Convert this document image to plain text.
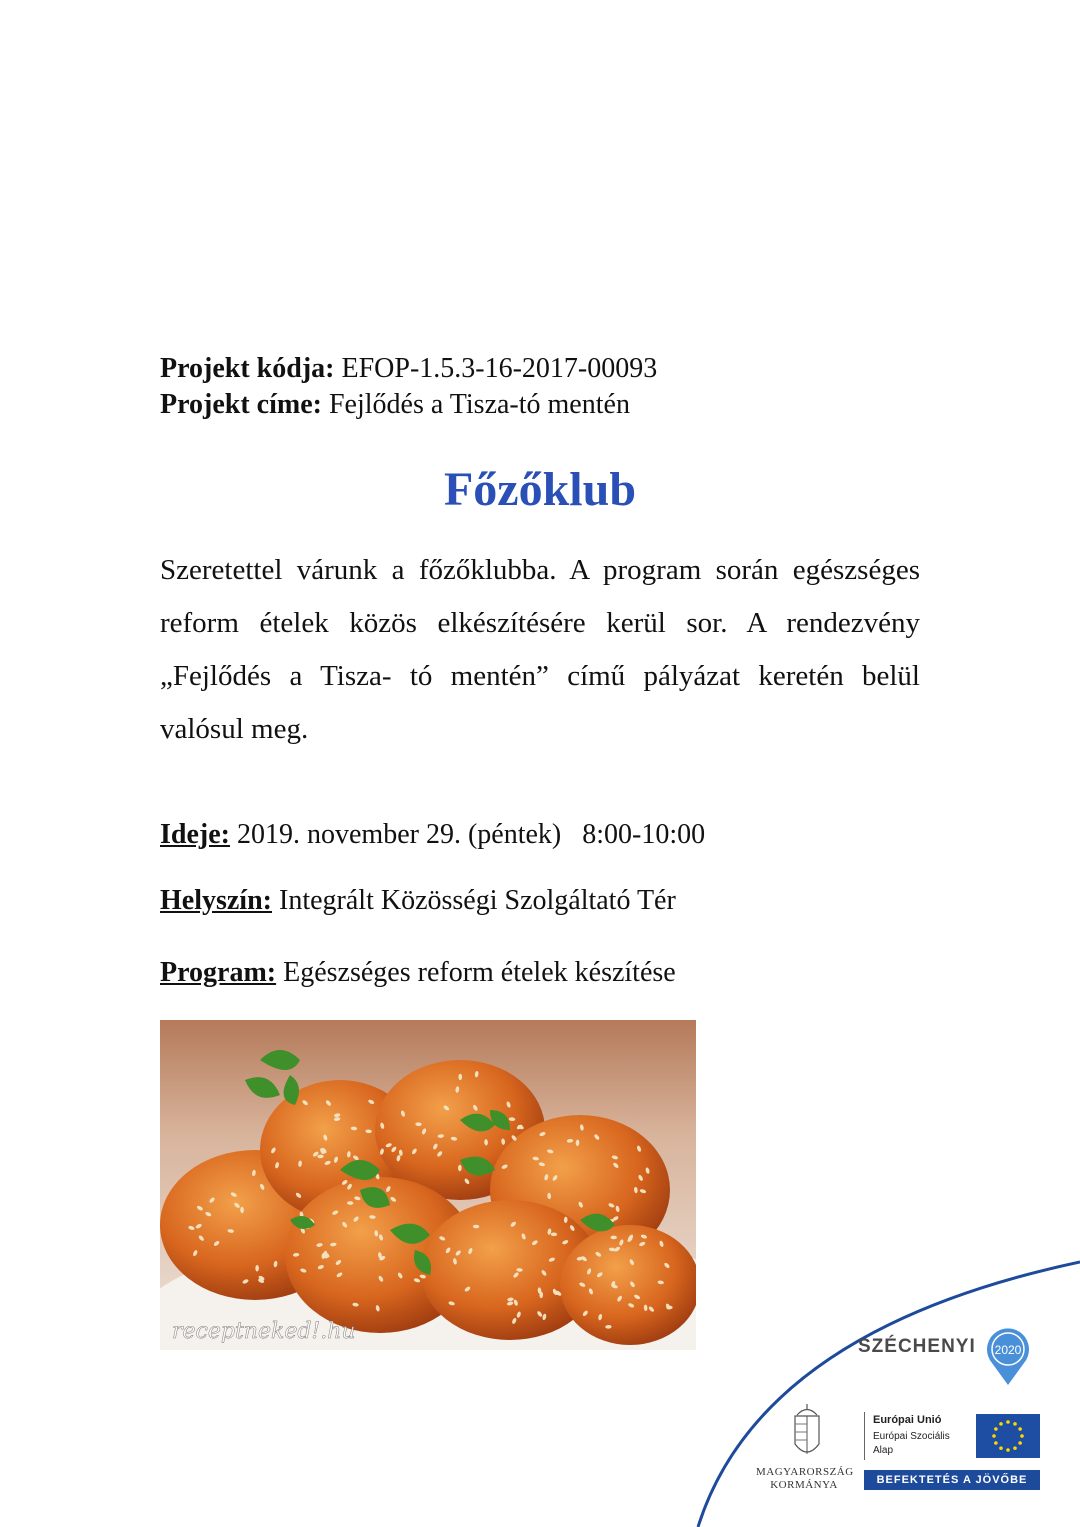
Projekt kódja: EFOP-1.5.3-16-2017-00093
Projekt címe: Fejlődés a Tisza-tó mentén
Főzőklub

Szeretettel várunk a főzőklubba. A program során egészséges reform ételek közös elkészítésére kerül sor. A rendezvény „Fejlődés a Tisza- tó mentén” című pályázat keretén belül valósul meg.

Ideje: 2019. november 29. (péntek)   8:00-10:00
Helyszín: Integrált Közösségi Szolgáltató Tér
Program: Egészséges reform ételek készítése
receptneked!.hu
SZÉCHENYI 2020
MAGYARORSZÁG
KORMÁNYA
Európai Unió
Európai Szociális
Alap
BEFEKTETÉS A JÖVŐBE
